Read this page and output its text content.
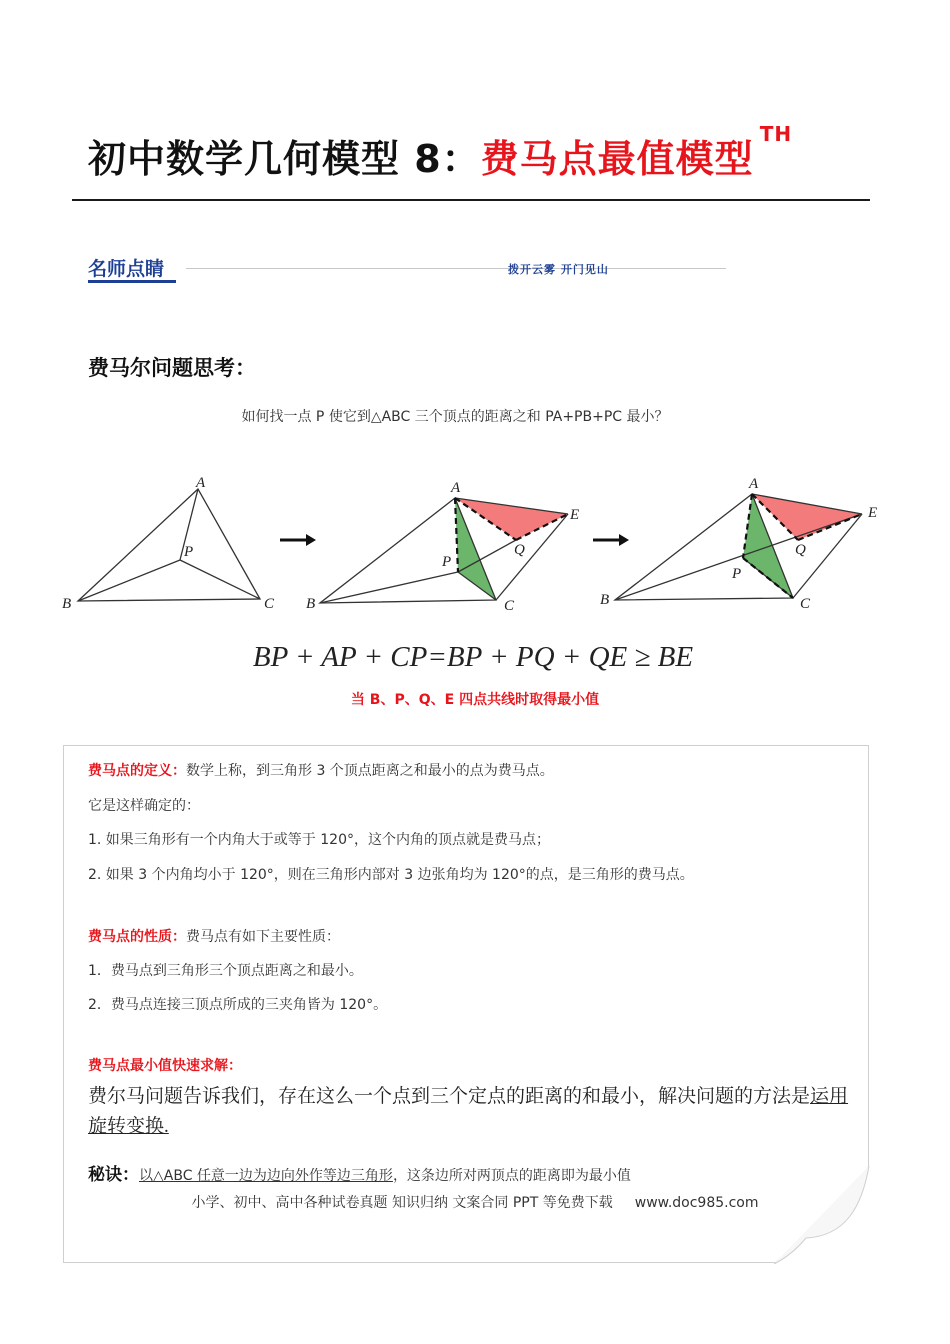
初中数学几何模型 8：费马点最值模型$^{TH}$
名师点睛	拨开云雾 开门见山
费马尔问题思考：
如何找一点 P 使它到△ABC 三个顶点的距离之和 PA+PB+PC 最小？
A
B	C
P
A
B	C
P
E
Q
A
B	C
P
E
Q
BP + AP + CP=BP + PQ + QE ≥ BE
当 B、P、Q、E 四点共线时取得最小值
费马点的定义：数学上称，到三角形 3 个顶点距离之和最小的点为费马点。
它是这样确定的：
1. 如果三角形有一个内角大于或等于 120°，这个内角的顶点就是费马点；
2. 如果 3 个内角均小于 120°，则在三角形内部对 3 边张角均为 120°的点，是三角形的费马点。
费马点的性质：费马点有如下主要性质：
1．费马点到三角形三个顶点距离之和最小。
2．费马点连接三顶点所成的三夹角皆为 120°。
费马点最小值快速求解：
费尔马问题告诉我们，存在这么一个点到三个定点的距离的和最小，解决问题的方法是运用旋转变换.
秘诀：以△ABC 任意一边为边向外作等边三角形，这条边所对两顶点的距离即为最小值
小学、初中、高中各种试卷真题 知识归纳 文案合同 PPT 等免费下载 www.doc985.com
